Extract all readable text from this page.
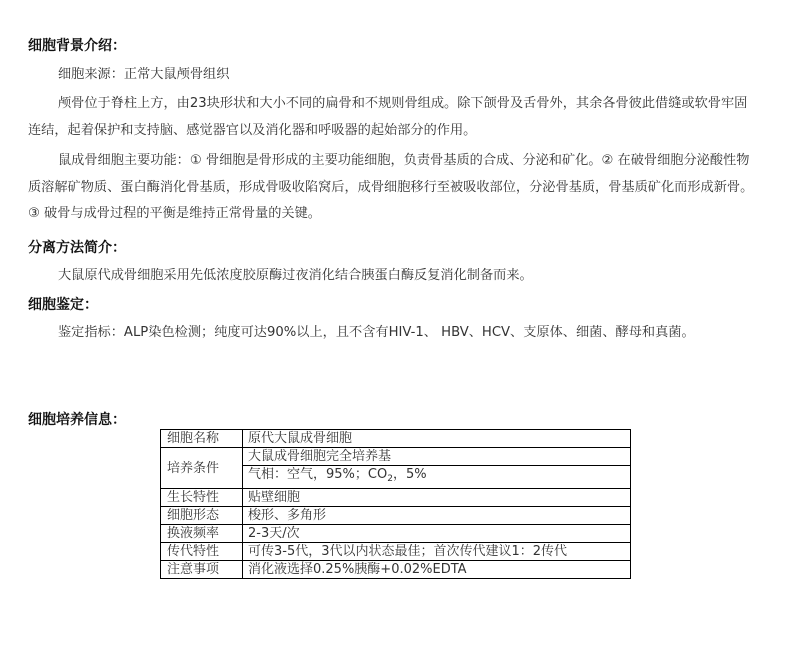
细胞背景介绍：
细胞来源：正常大鼠颅骨组织

颅骨位于脊柱上方，由23块形状和大小不同的扁骨和不规则骨组成。除下颌骨及舌骨外，其余各骨彼此借缝或软骨牢固连结，起着保护和支持脑、感觉器官以及消化器和呼吸器的起始部分的作用。

鼠成骨细胞主要功能：① 骨细胞是骨形成的主要功能细胞，负责骨基质的合成、分泌和矿化。② 在破骨细胞分泌酸性物质溶解矿物质、蛋白酶消化骨基质，形成骨吸收陷窝后，成骨细胞移行至被吸收部位，分泌骨基质，骨基质矿化而形成新骨。③ 破骨与成骨过程的平衡是维持正常骨量的关键。

分离方法简介：
大鼠原代成骨细胞采用先低浓度胶原酶过夜消化结合胰蛋白酶反复消化制备而来。
细胞鉴定：
鉴定指标：ALP染色检测；纯度可达90%以上，且不含有HIV-1、 HBV、HCV、支原体、细菌、酵母和真菌。
细胞培养信息：
细胞名称	原代大鼠成骨细胞
培养条件	大鼠成骨细胞完全培养基
	气相：空气，95%；$CO_2$，5%
生长特性	贴壁细胞
细胞形态	梭形、多角形
换液频率	2-3天/次
传代特性	可传3-5代，3代以内状态最佳；首次传代建议1：2传代
注意事项	消化液选择0.25%胰酶+0.02%EDTA
